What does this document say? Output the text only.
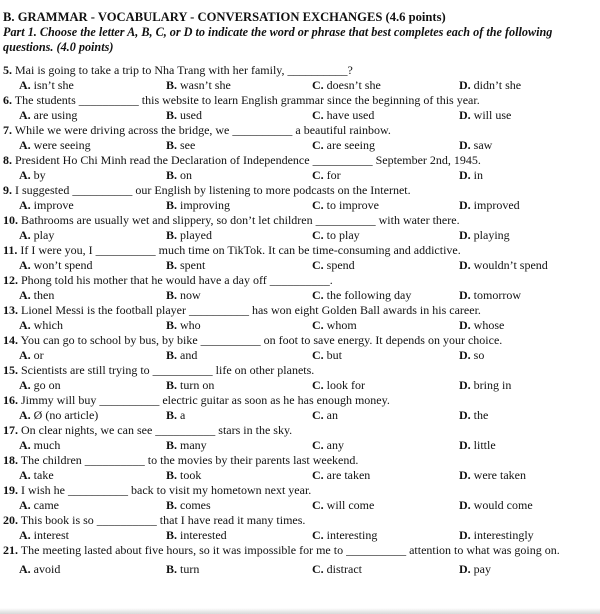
B. GRAMMAR - VOCABULARY - CONVERSATION EXCHANGES (4.6 points)
Part 1. Choose the letter A, B, C, or D to indicate the word or phrase that best completes each of the following questions. (4.0 points)
5. Mai is going to take a trip to Nha Trang with her family, __________?
A. isn’t she	B. wasn’t she	C. doesn’t she	D. didn’t she
6. The students __________ this website to learn English grammar since the beginning of this year.
A. are using	B. used	C. have used	D. will use
7. While we were driving across the bridge, we __________ a beautiful rainbow.
A. were seeing	B. see	C. are seeing	D. saw
8. President Ho Chi Minh read the Declaration of Independence __________ September 2nd, 1945.
A. by	B. on	C. for	D. in
9. I suggested __________ our English by listening to more podcasts on the Internet.
A. improve	B. improving	C. to improve	D. improved
10. Bathrooms are usually wet and slippery, so don’t let children __________ with water there.
A. play	B. played	C. to play	D. playing
11. If I were you, I __________ much time on TikTok. It can be time-consuming and addictive.
A. won’t spend	B. spent	C. spend	D. wouldn’t spend
12. Phong told his mother that he would have a day off __________.
A. then	B. now	C. the following day	D. tomorrow
13. Lionel Messi is the football player __________ has won eight Golden Ball awards in his career.
A. which	B. who	C. whom	D. whose
14. You can go to school by bus, by bike __________ on foot to save energy. It depends on your choice.
A. or	B. and	C. but	D. so
15. Scientists are still trying to __________ life on other planets.
A. go on	B. turn on	C. look for	D. bring in
16. Jimmy will buy __________ electric guitar as soon as he has enough money.
A. Ø (no article)	B. a	C. an	D. the
17. On clear nights, we can see __________ stars in the sky.
A. much	B. many	C. any	D. little
18. The children __________ to the movies by their parents last weekend.
A. take	B. took	C. are taken	D. were taken
19. I wish he __________ back to visit my hometown next year.
A. came	B. comes	C. will come	D. would come
20. This book is so __________ that I have read it many times.
A. interest	B. interested	C. interesting	D. interestingly
21. The meeting lasted about five hours, so it was impossible for me to __________ attention to what was going on.
A. avoid	B. turn	C. distract	D. pay
